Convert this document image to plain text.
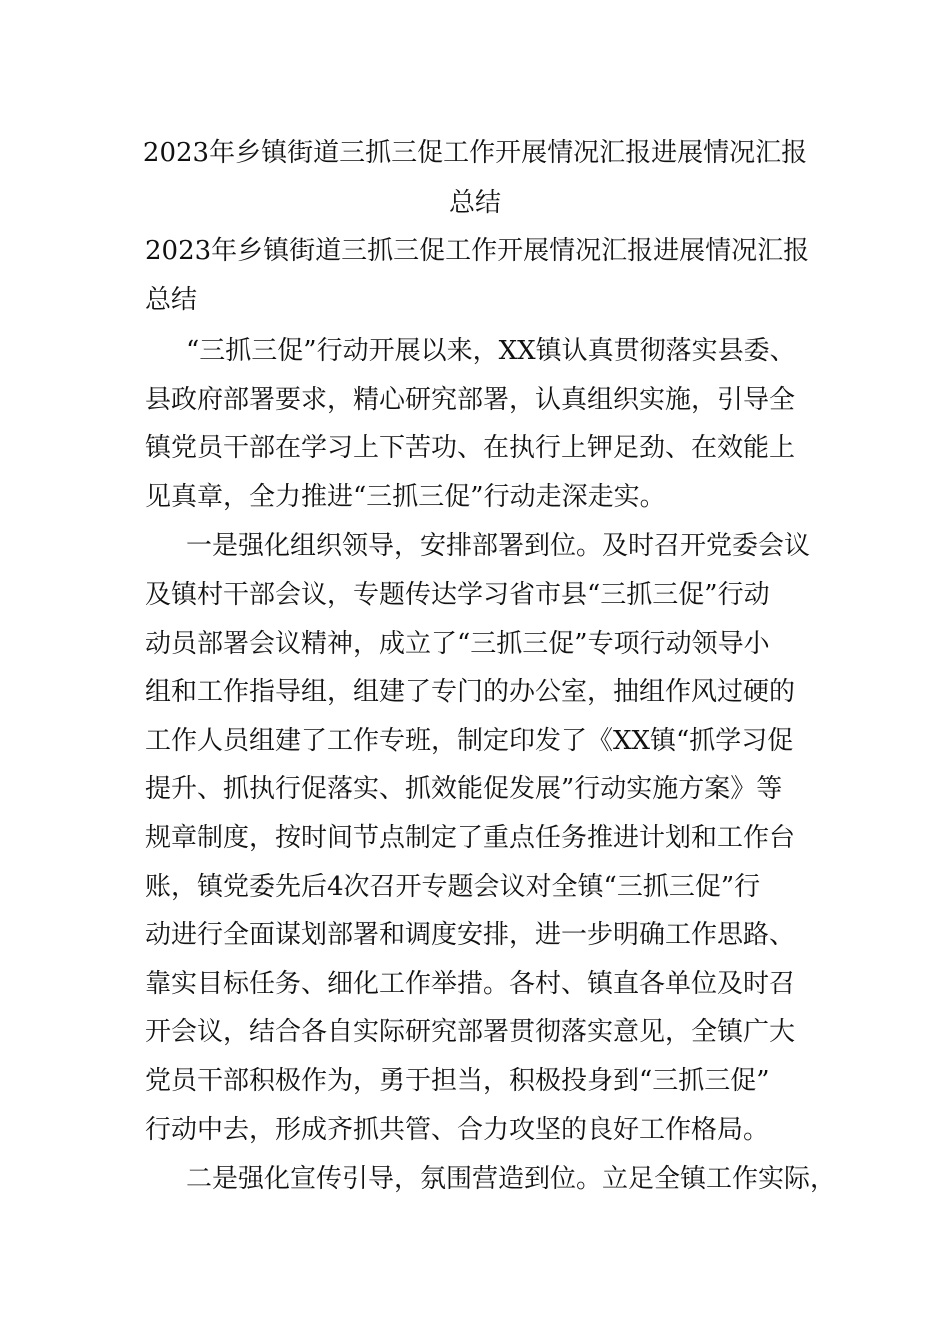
2023年乡镇街道三抓三促工作开展情况汇报进展情况汇报
总结
2023年乡镇街道三抓三促工作开展情况汇报进展情况汇报
总结
“三抓三促”行动开展以来，XX镇认真贯彻落实县委、
县政府部署要求，精心研究部署，认真组织实施，引导全
镇党员干部在学习上下苦功、在执行上钾足劲、在效能上
见真章，全力推进“三抓三促”行动走深走实。
一是强化组织领导，安排部署到位。及时召开党委会议
及镇村干部会议，专题传达学习省市县“三抓三促”行动
动员部署会议精神，成立了“三抓三促”专项行动领导小
组和工作指导组，组建了专门的办公室，抽组作风过硬的
工作人员组建了工作专班，制定印发了《XX镇“抓学习促
提升、抓执行促落实、抓效能促发展”行动实施方案》等
规章制度，按时间节点制定了重点任务推进计划和工作台
账，镇党委先后4次召开专题会议对全镇“三抓三促”行
动进行全面谋划部署和调度安排，进一步明确工作思路、
靠实目标任务、细化工作举措。各村、镇直各单位及时召
开会议，结合各自实际研究部署贯彻落实意见，全镇广大
党员干部积极作为，勇于担当，积极投身到“三抓三促”
行动中去，形成齐抓共管、合力攻坚的良好工作格局。
二是强化宣传引导，氛围营造到位。立足全镇工作实际，
